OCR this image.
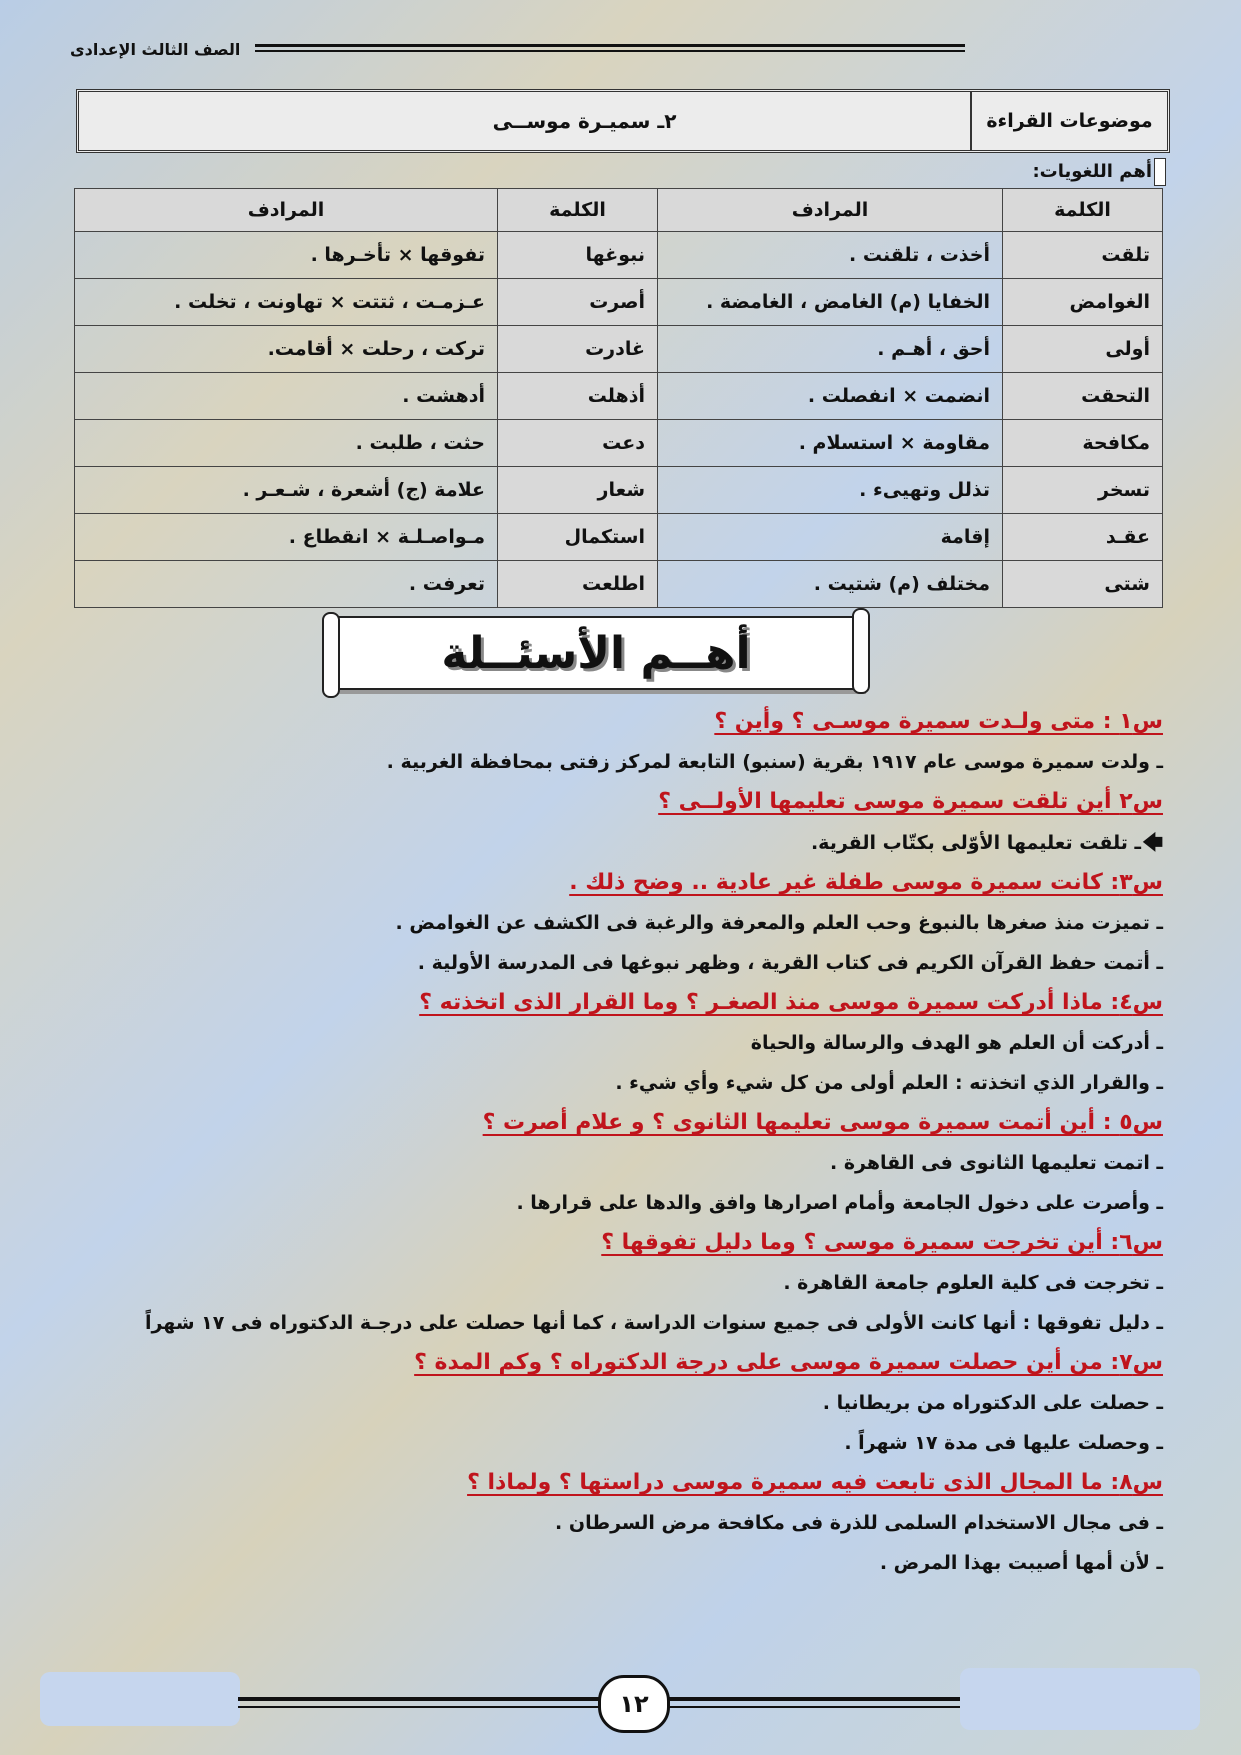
الصف الثالث الإعدادى
موضوعات القراءة
٢ـ سميـرة موســى
أهم اللغويات:
الكلمة	المرادف	الكلمة	المرادف
تلقت	أخذت ، تلقنت .	نبوغها	تفوقها × تأخـرها .
الغوامض	الخفايا (م) الغامض ، الغامضة .	أصرت	عـزمـت ، ثتتت × تهاونت ، تخلت .
أولى	أحق ، أهـم .	غادرت	تركت ، رحلت × أقامت.
التحقت	انضمت × انفصلت .	أذهلت	أدهشت .
مكافحة	مقاومة × استسلام .	دعت	حثت ، طلبت .
تسخر	تذلل وتهيىء .	شعار	علامة (ج) أشعرة ، شـعـر .
عقـد	إقامة	استكمال	مـواصـلـة × انقطاع .
شتى	مختلف (م) شتيت .	اطلعت	تعرفت .
أهــم الأسئــلة

س١ : متى ولـدت سميرة موسـى ؟ وأين ؟

ـ ولدت سميرة موسى عام ١٩١٧ بقرية (سنبو) التابعة لمركز زفتى بمحافظة الغربية .

س٢ أين تلقت سميرة موسى تعليمها الأولــى ؟

🡄ـ تلقت تعليمها الأوّلى بكتّاب القرية.

س٣: كانت سميرة موسى طفلة غير عادية .. وضح ذلك .

ـ تميزت منذ صغرها بالنبوغ وحب العلم والمعرفة والرغبة فى الكشف عن الغوامض .

ـ أتمت حفظ القرآن الكريم فى كتاب القرية ، وظهر نبوغها فى المدرسة الأولية .

س٤: ماذا أدركت سميرة موسى منذ الصغـر ؟ وما القرار الذى اتخذته ؟

ـ أدركت أن العلم هو الهدف والرسالة والحياة

ـ والقرار الذي اتخذته : العلم أولى من كل شيء وأي شيء .

س٥ : أين أتمت سميرة موسى تعليمها الثانوى ؟ و علام أصرت ؟

ـ اتمت تعليمها الثانوى فى القاهرة .

ـ وأصرت على دخول الجامعة وأمام اصرارها وافق والدها على قرارها .

س٦: أين تخرجت سميرة موسى ؟ وما دليل تفوقها ؟

ـ تخرجت فى كلية العلوم جامعة القاهرة .

ـ دليل تفوقها : أنها كانت الأولى فى جميع سنوات الدراسة ، كما أنها حصلت على درجـة الدكتوراه فى ١٧ شهراً

س٧: من أين حصلت سميرة موسى على درجة الدكتوراه ؟ وكم المدة ؟

ـ حصلت على الدكتوراه من بريطانيا .

ـ وحصلت عليها فى مدة ١٧ شهراً .

س٨: ما المجال الذى تابعت فيه سميرة موسى دراستها ؟ ولماذا ؟

ـ فى مجال الاستخدام السلمى للذرة فى مكافحة مرض السرطان .

ـ لأن أمها أصيبت بهذا المرض .

١٢
